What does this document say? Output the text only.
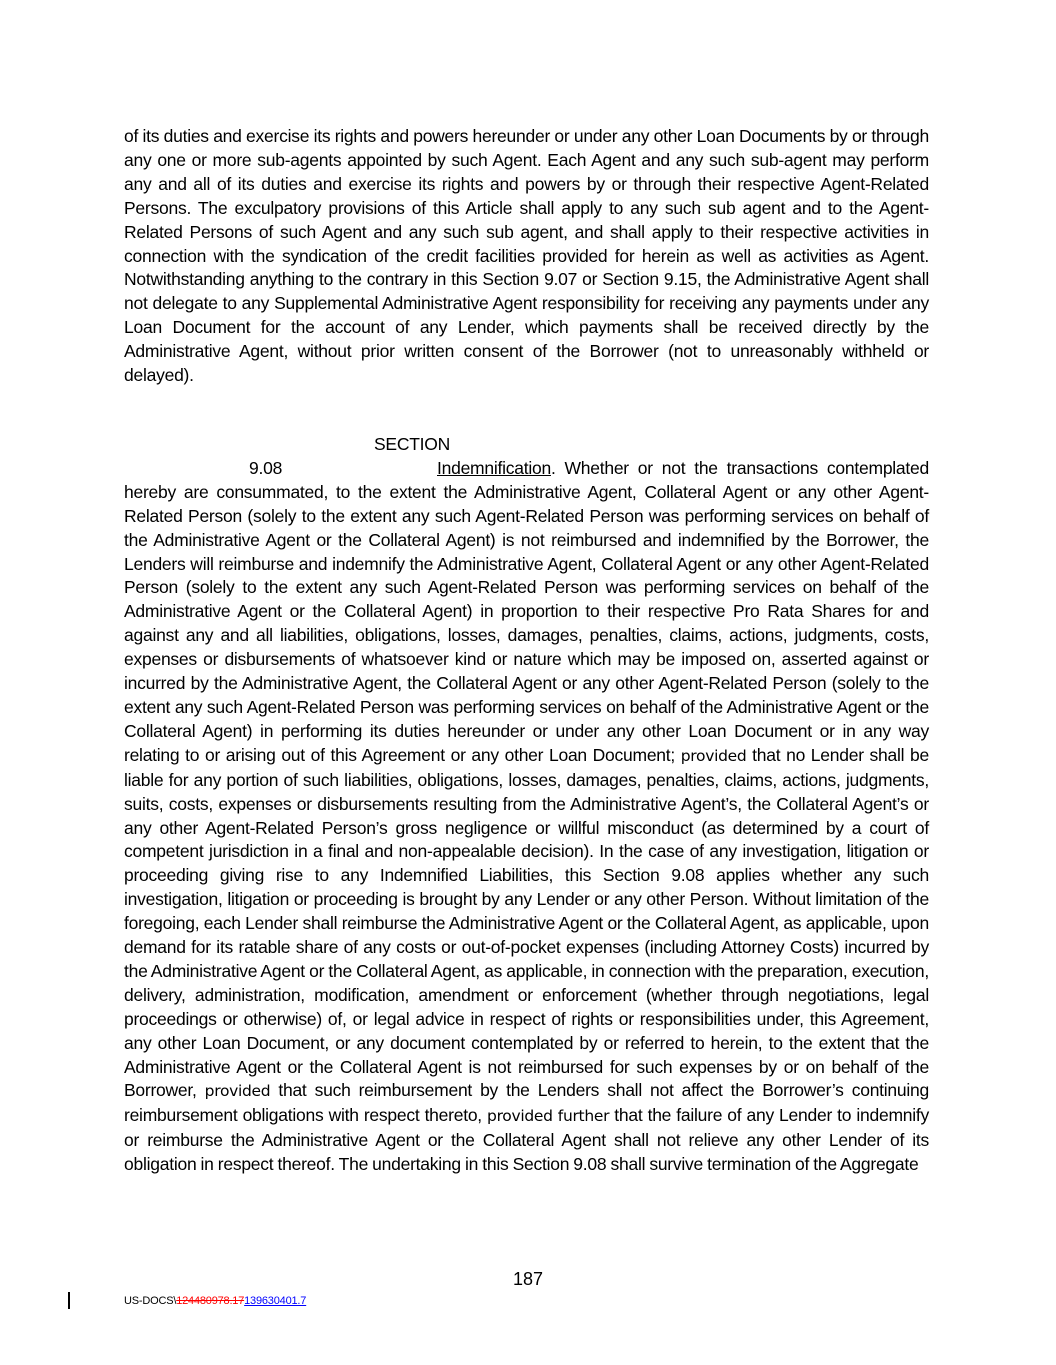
of its duties and exercise its rights and powers hereunder or under any other Loan Documents by or through any one or more sub-agents appointed by such Agent. Each Agent and any such sub-agent may perform any and all of its duties and exercise its rights and powers by or through their respective Agent-Related Persons. The exculpatory provisions of this Article shall apply to any such sub agent and to the Agent-Related Persons of such Agent and any such sub agent, and shall apply to their respective activities in connection with the syndication of the credit facilities provided for herein as well as activities as Agent. Notwithstanding anything to the contrary in this Section 9.07 or Section 9.15, the Administrative Agent shall not delegate to any Supplemental Administrative Agent responsibility for receiving any payments under any Loan Document for the account of any Lender, which payments shall be received directly by the Administrative Agent, without prior written consent of the Borrower (not to unreasonably withheld or delayed).

SECTION 9.08	Indemnification. Whether or not the transactions contemplated hereby are consummated, to the extent the Administrative Agent, Collateral Agent or any other Agent-Related Person (solely to the extent any such Agent-Related Person was performing services on behalf of the Administrative Agent or the Collateral Agent) is not reimbursed and indemnified by the Borrower, the Lenders will reimburse and indemnify the Administrative Agent, Collateral Agent or any other Agent-Related Person (solely to the extent any such Agent-Related Person was performing services on behalf of the Administrative Agent or the Collateral Agent) in proportion to their respective Pro Rata Shares for and against any and all liabilities, obligations, losses, damages, penalties, claims, actions, judgments, costs, expenses or disbursements of whatsoever kind or nature which may be imposed on, asserted against or incurred by the Administrative Agent, the Collateral Agent or any other Agent-Related Person (solely to the extent any such Agent-Related Person was performing services on behalf of the Administrative Agent or the Collateral Agent) in performing its duties hereunder or under any other Loan Document or in any way relating to or arising out of this Agreement or any other Loan Document; provided that no Lender shall be liable for any portion of such liabilities, obligations, losses, damages, penalties, claims, actions, judgments, suits, costs, expenses or disbursements resulting from the Administrative Agent’s, the Collateral Agent’s or any other Agent-Related Person’s gross negligence or willful misconduct (as determined by a court of competent jurisdiction in a final and non-appealable decision). In the case of any investigation, litigation or proceeding giving rise to any Indemnified Liabilities, this Section 9.08 applies whether any such investigation, litigation or proceeding is brought by any Lender or any other Person. Without limitation of the foregoing, each Lender shall reimburse the Administrative Agent or the Collateral Agent, as applicable, upon demand for its ratable share of any costs or out-of-pocket expenses (including Attorney Costs) incurred by the Administrative Agent or the Collateral Agent, as applicable, in connection with the preparation, execution, delivery, administration, modification, amendment or enforcement (whether through negotiations, legal proceedings or otherwise) of, or legal advice in respect of rights or responsibilities under, this Agreement, any other Loan Document, or any document contemplated by or referred to herein, to the extent that the Administrative Agent or the Collateral Agent is not reimbursed for such expenses by or on behalf of the Borrower, provided that such reimbursement by the Lenders shall not affect the Borrower’s continuing reimbursement obligations with respect thereto, provided further that the failure of any Lender to indemnify or reimburse the Administrative Agent or the Collateral Agent shall not relieve any other Lender of its obligation in respect thereof. The undertaking in this Section 9.08 shall survive termination of the Aggregate

187
US-DOCS\124480978.17139630401.7
